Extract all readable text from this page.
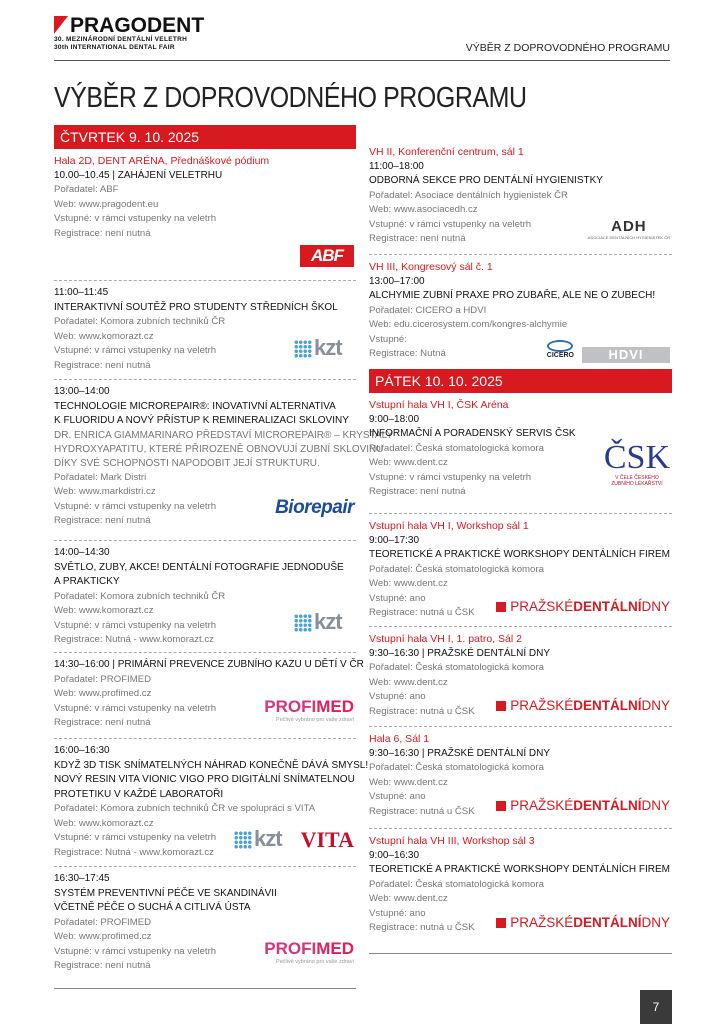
PRAGODENT
30. MEZINÁRODNÍ DENTÁLNÍ VELETRH
30th INTERNATIONAL DENTAL FAIR	VÝBĚR Z DOPROVODNÉHO PROGRAMU
VÝBĚR Z DOPROVODNÉHO PROGRAMU
ČTVRTEK 9. 10. 2025
Hala 2D, DENT ARÉNA, Přednáškové pódium
10.00–10.45 | ZAHÁJENÍ VELETRHU
Pořadatel: ABF
Web: www.pragodent.eu
Vstupné: v rámci vstupenky na veletrh
Registrace: není nutná
ABF
11:00–11:45
INTERAKTIVNÍ SOUTĚŽ PRO STUDENTY STŘEDNÍCH ŠKOL
Pořadatel: Komora zubních techniků ČR
Web: www.komorazt.cz
Vstupné: v rámci vstupenky na veletrh
Registrace: není nutná
kzt
13:00–14:00
TECHNOLOGIE MICROREPAIR®: INOVATIVNÍ ALTERNATIVA
K FLUORIDU A NOVÝ PŘÍSTUP K REMINERALIZACI SKLOVINY
DR. ENRICA GIAMMARINARO PŘEDSTAVÍ MICROREPAIR® – KRYSTALY
HYDROXYAPATITU, KTERÉ PŘIROZENĚ OBNOVUJÍ ZUBNÍ SKLOVINU
DÍKY SVÉ SCHOPNOSTI NAPODOBIT JEJÍ STRUKTURU.
Pořadatel: Mark Distri
Web: www.markdistri.cz
Vstupné: v rámci vstupenky na veletrh
Registrace: není nutná
Biorepair
14:00–14:30
SVĚTLO, ZUBY, AKCE! DENTÁLNÍ FOTOGRAFIE JEDNODUŠE
A PRAKTICKY
Pořadatel: Komora zubních techniků ČR
Web: www.komorazt.cz
Vstupné: v rámci vstupenky na veletrh
Registrace: Nutná - www.komorazt.cz
kzt
14:30–16:00 | PRIMÁRNÍ PREVENCE ZUBNÍHO KAZU U DĚTÍ V ČR
Pořadatel: PROFIMED
Web: www.profimed.cz
Vstupné: v rámci vstupenky na veletrh
Registrace: není nutná
PROFIMED
Pečlivě vybráno pro vaše zdraví
16:00–16:30
KDYŽ 3D TISK SNÍMATELNÝCH NÁHRAD KONEČNĚ DÁVÁ SMYSL!
NOVÝ RESIN VITA VIONIC VIGO PRO DIGITÁLNÍ SNÍMATELNOU
PROTETIKU V KAŽDÉ LABORATOŘI
Pořadatel: Komora zubních techniků ČR ve spolupráci s VITA
Web: www.komorazt.cz
Vstupné: v rámci vstupenky na veletrh
Registrace: Nutná - www.komorazt.cz
kzt VITA
16:30–17:45
SYSTÉM PREVENTIVNÍ PÉČE VE SKANDINÁVII
VČETNĚ PÉČE O SUCHÁ A CITLIVÁ ÚSTA
Pořadatel: PROFIMED
Web: www.profimed.cz
Vstupné: v rámci vstupenky na veletrh
Registrace: není nutná
PROFIMED
Pečlivě vybráno pro vaše zdraví
VH II, Konferenční centrum, sál 1
11:00–18:00
ODBORNÁ SEKCE PRO DENTÁLNÍ HYGIENISTKY
Pořadatel: Asociace dentálních hygienistek ČR
Web: www.asociacedh.cz
Vstupné: v rámci vstupenky na veletrh
Registrace: není nutná
ADH
ASOCIACE DENTÁLNÍCH HYGIENISTEK ČR
VH III, Kongresový sál č. 1
13:00–17:00
ALCHYMIE ZUBNÍ PRAXE PRO ZUBAŘE, ALE NE O ZUBECH!
Pořadatel: CICERO a HDVI
Web: edu.cicerosystem.com/kongres-alchymie
Vstupné:
Registrace: Nutná	CICERO	HDVI
PÁTEK 10. 10. 2025
Vstupní hala VH I, ČSK Aréna
9:00–18:00
INFORMAČNÍ A PORADENSKÝ SERVIS ČSK
Pořadatel: Česká stomatologická komora
Web: www.dent.cz
Vstupné: v rámci vstupenky na veletrh
Registrace: není nutná
ČSK
V ČELE ČESKÉHO
ZUBNÍHO LÉKAŘSTVÍ
Vstupní hala VH I, Workshop sál 1
9:00–17:30
TEORETICKÉ A PRAKTICKÉ WORKSHOPY DENTÁLNÍCH FIREM
Pořadatel: Česká stomatologická komora
Web: www.dent.cz
Vstupné: ano
Registrace: nutná u ČSK	PRAŽSKÉDENTÁLNÍDNY
Vstupní hala VH I, 1. patro, Sál 2
9:30–16:30 | PRAŽSKÉ DENTÁLNÍ DNY
Pořadatel: Česká stomatologická komora
Web: www.dent.cz
Vstupné: ano
Registrace: nutná u ČSK	PRAŽSKÉDENTÁLNÍDNY
Hala 6, Sál 1
9:30–16:30 | PRAŽSKÉ DENTÁLNÍ DNY
Pořadatel: Česká stomatologická komora
Web: www.dent.cz
Vstupné: ano
Registrace: nutná u ČSK	PRAŽSKÉDENTÁLNÍDNY
Vstupní hala VH III, Workshop sál 3
9:00–16:30
TEORETICKÉ A PRAKTICKÉ WORKSHOPY DENTÁLNÍCH FIREM
Pořadatel: Česká stomatologická komora
Web: www.dent.cz
Vstupné: ano
Registrace: nutná u ČSK	PRAŽSKÉDENTÁLNÍDNY
7
